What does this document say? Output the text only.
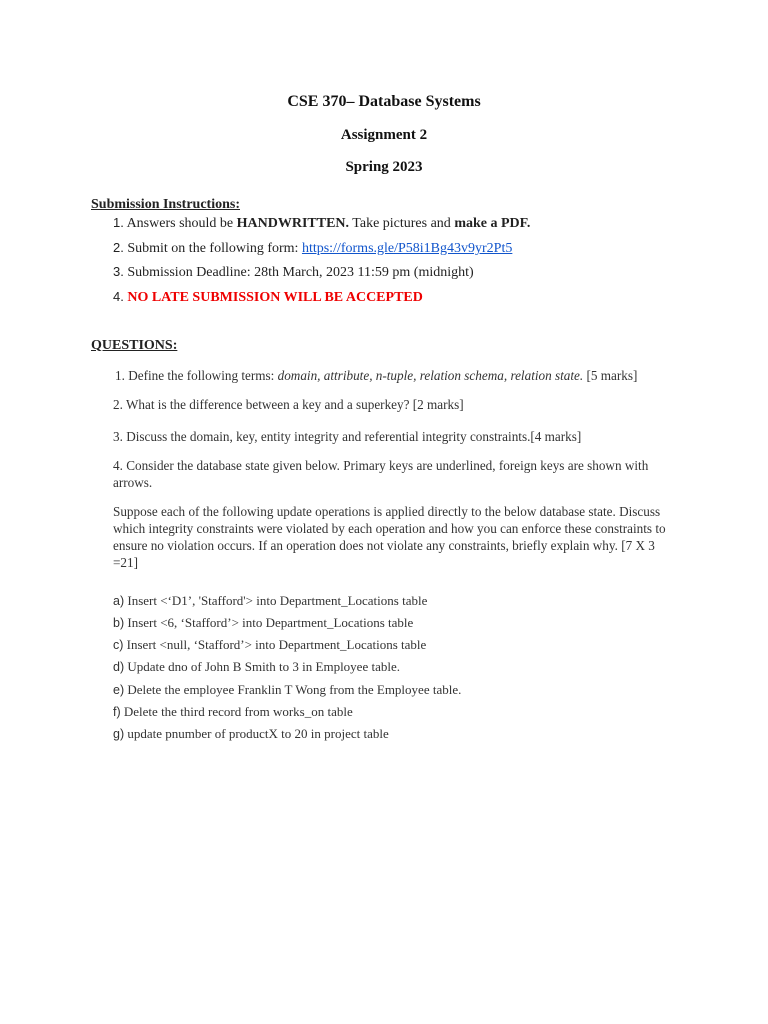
CSE 370– Database Systems
Assignment 2
Spring 2023
Submission Instructions:
1. Answers should be HANDWRITTEN. Take pictures and make a PDF.
2. Submit on the following form: https://forms.gle/P58i1Bg43v9yr2Pt5
3. Submission Deadline: 28th March, 2023 11:59 pm (midnight)
4. NO LATE SUBMISSION WILL BE ACCEPTED
QUESTIONS:
1. Define the following terms: domain, attribute, n-tuple, relation schema, relation state. [5 marks]
2. What is the difference between a key and a superkey? [2 marks]
3. Discuss the domain, key, entity integrity and referential integrity constraints.[4 marks]
4. Consider the database state given below. Primary keys are underlined, foreign keys are shown with arrows.
Suppose each of the following update operations is applied directly to the below database state. Discuss which integrity constraints were violated by each operation and how you can enforce these constraints to ensure no violation occurs. If an operation does not violate any constraints, briefly explain why. [7 X 3 =21]
a) Insert <‘D1’, 'Stafford'> into Department_Locations table
b) Insert <6, ‘Stafford’> into Department_Locations table
c) Insert <null, ‘Stafford’> into Department_Locations table
d) Update dno of John B Smith to 3 in Employee table.
e) Delete the employee Franklin T Wong from the Employee table.
f) Delete the third record from works_on table
g) update pnumber of productX to 20 in project table
